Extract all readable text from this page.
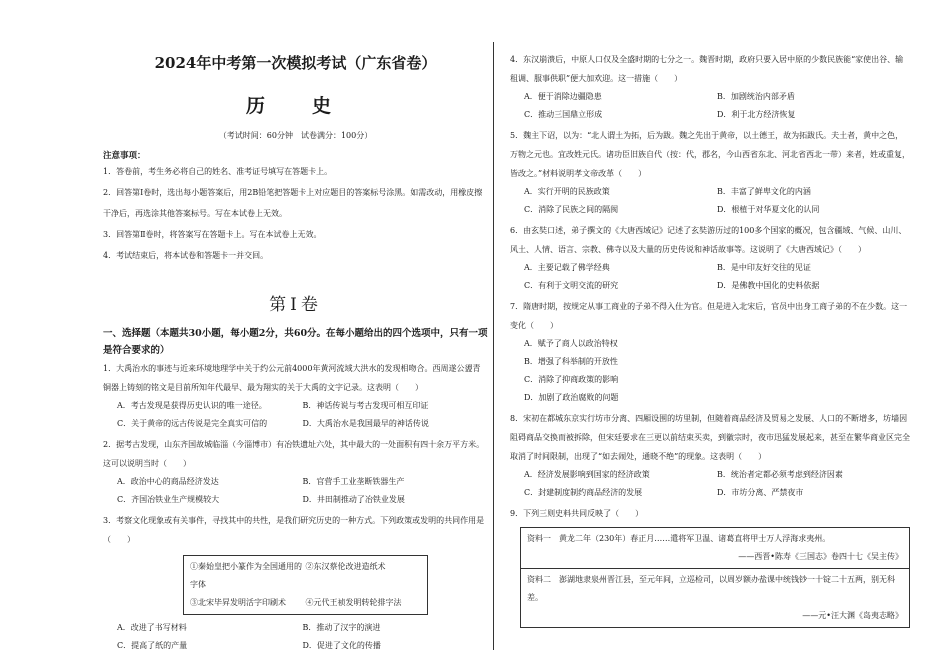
2024年中考第一次模拟考试（广东省卷）
历　史
（考试时间：60分钟　试卷满分：100分）
注意事项：
1．答卷前，考生务必将自己的姓名、准考证号填写在答题卡上。
2．回答第Ⅰ卷时，选出每小题答案后，用2B铅笔把答题卡上对应题目的答案标号涂黑。如需改动，用橡皮擦干净后，再选涂其他答案标号。写在本试卷上无效。
3．回答第Ⅱ卷时，将答案写在答题卡上。写在本试卷上无效。
4．考试结束后，将本试卷和答题卡一并交回。
第Ⅰ卷
一、选择题（本题共30小题，每小题2分，共60分。在每小题给出的四个选项中，只有一项是符合要求的）
1．大禹治水的事迹与近来环境地理学中关于约公元前4000年黄河流域大洪水的发现相吻合。西周遂公盨青铜器上铸刻的铭文是目前所知年代最早、最为翔实的关于大禹的文字记录。这表明（　　）
A．考古发现是获得历史认识的唯一途径。	B．神话传说与考古发现可相互印证
C．关于黄帝的远古传说是完全真实可信的	D．大禹治水是我国最早的神话传说
2．据考古发现，山东齐国故城临淄（今淄博市）有冶铁遗址六处，其中最大的一处面积有四十余万平方米。这可以说明当时（　　）
A．政治中心的商品经济发达	B．官营手工业垄断铁器生产
C．齐国冶铁业生产规模较大	D．井田制推动了冶铁业发展
3．考察文化现象或有关事件，寻找其中的共性，是我们研究历史的一种方式。下列政策或发明的共同作用是（　　）
①秦始皇把小篆作为全国通用的字体
②东汉蔡伦改进造纸术
③北宋毕昇发明活字印刷术	④元代王祯发明转轮排字法
A．改进了书写材料	B．推动了汉字的演进
C．提高了纸的产量	D．促进了文化的传播
4．东汉崩溃后，中原人口仅及全盛时期的七分之一。魏晋时期，政府只要入居中原的少数民族能“家使出谷、输租调、服事供职”便大加欢迎。这一措施（　　）
A．便于消除边疆隐患	B．加剧统治内部矛盾
C．推动三国鼎立形成	D．利于北方经济恢复
5．魏主下诏，以为：“北人谓土为拓，后为跋。魏之先出于黄帝，以土德王，故为拓跋氏。夫土者，黄中之色，万物之元也。宜改姓元氏。诸功臣旧族自代（按：代，郡名，今山西省东北、河北省西北一带）来者，姓或重复，皆改之。”材料说明孝文帝改革（　　）
A．实行开明的民族政策	B．丰富了鲜卑文化的内涵
C．消除了民族之间的隔阂	D．根植于对华夏文化的认同
6．由玄奘口述，弟子撰文的《大唐西域记》记述了玄奘游历过的100多个国家的概况，包含疆域、气候、山川、风土、人情、语言、宗教、佛寺以及大量的历史传说和神话故事等。这说明了《大唐西域记》（　　）
A．主要记载了佛学经典	B．是中印友好交往的见证
C．有利于文明交流的研究	D．是佛教中国化的史料依据
7．隋唐时期，按规定从事工商业的子弟不得入仕为官。但是进入北宋后，官员中出身工商子弟的不在少数。这一变化（　　）
A．赋予了商人以政治特权
B．增强了科举制的开放性
C．消除了抑商政策的影响
D．加剧了政治腐败的问题
8．宋初在都城东京实行坊市分离、四厢设围的坊里制，但随着商品经济及贸易之发展、人口的不断增多，坊墙因阻碍商品交换而被拆除，但宋廷要求在三更以前结束买卖，到徽宗时，夜市迅猛发展起来，甚至在繁华商业区完全取消了时间限制，出现了“如去闹处，通晓不绝”的现象。这表明（　　）
A．经济发展影响到国家的经济政策	B．统治者定都必须考虑到经济因素
C．封建制度制约商品经济的发展	D．市坊分离、严禁夜市
9．下列三则史料共同反映了（　　）
资料一　黄龙二年（230年）春正月……遣将军卫温、诸葛直将甲士万人浮海求夷州。
——西晋•陈寿《三国志》卷四十七《吴主传》
资料二　澎湖地隶泉州晋江县，至元年间，立巡检司，以周岁额办盐课中统钱钞一十锭二十五两，别无科差。
——元•汪大渊《岛夷志略》
